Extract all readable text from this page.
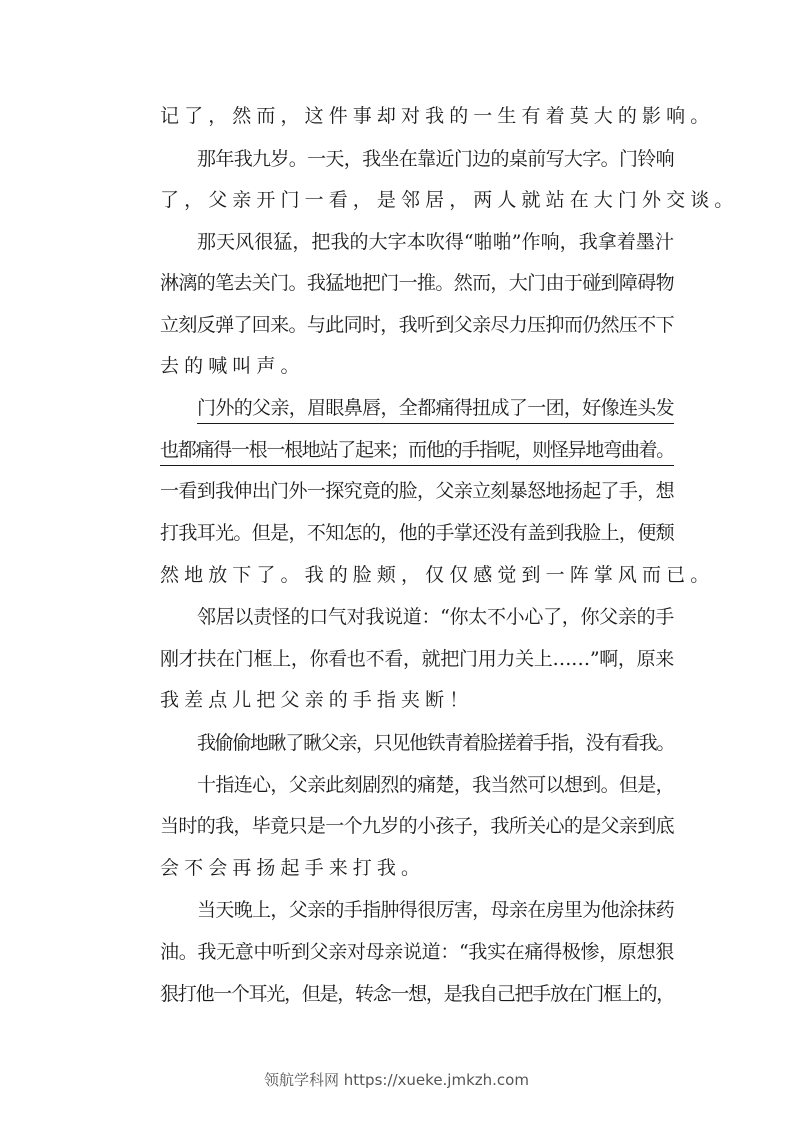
记了，然而，这件事却对我的一生有着莫大的影响。
那年我九岁。一天，我坐在靠近门边的桌前写大字。门铃响
了，父亲开门一看，是邻居，两人就站在大门外交谈。
那天风很猛，把我的大字本吹得“啪啪”作响，我拿着墨汁
淋漓的笔去关门。我猛地把门一推。然而，大门由于碰到障碍物
立刻反弹了回来。与此同时，我听到父亲尽力压抑而仍然压不下
去的喊叫声。
门外的父亲，眉眼鼻唇，全都痛得扭成了一团，好像连头发
也都痛得一根一根地站了起来；而他的手指呢，则怪异地弯曲着。
一看到我伸出门外一探究竟的脸，父亲立刻暴怒地扬起了手，想
打我耳光。但是，不知怎的，他的手掌还没有盖到我脸上，便颓
然地放下了。我的脸颊，仅仅感觉到一阵掌风而已。
邻居以责怪的口气对我说道：“你太不小心了，你父亲的手
刚才扶在门框上，你看也不看，就把门用力关上……”啊，原来
我差点儿把父亲的手指夹断！
我偷偷地瞅了瞅父亲，只见他铁青着脸搓着手指，没有看我。
十指连心，父亲此刻剧烈的痛楚，我当然可以想到。但是，
当时的我，毕竟只是一个九岁的小孩子，我所关心的是父亲到底
会不会再扬起手来打我。
当天晚上，父亲的手指肿得很厉害，母亲在房里为他涂抹药
油。我无意中听到父亲对母亲说道：“我实在痛得极惨，原想狠
狠打他一个耳光，但是，转念一想，是我自己把手放在门框上的，
领航学科网 https://xueke.jmkzh.com
